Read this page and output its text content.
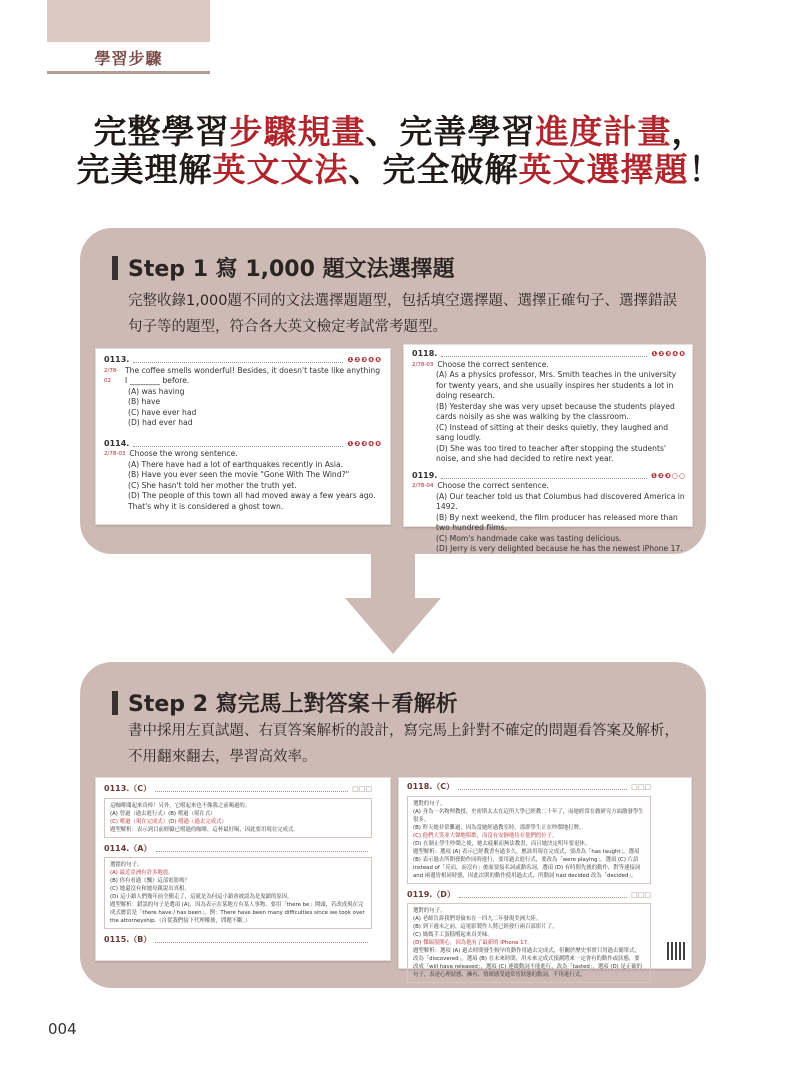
學習步驟
完整學習步驟規畫、完善學習進度計畫，
完美理解英文文法、完全破解英文選擇題！
Step 1 寫 1,000 題文法選擇題
完整收錄1,000題不同的文法選擇題題型，包括填空選擇題、選擇正確句子、選擇錯誤句子等的題型，符合各大英文檢定考試常考題型。
0113.	❶❷❸❹❺
2/78-02
The coffee smells wonderful! Besides, it doesn't taste like anything I ________ before.
(A) was having
(B) have
(C) have ever had
(D) had ever had
0114.	❶❷❸❹❺
2/78-03 Choose the wrong sentence.
(A) There have had a lot of earthquakes recently in Asia.
(B) Have you ever seen the movie "Gone With The Wind?"
(C) She hasn't told her mother the truth yet.
(D) The people of this town all had moved away a few years ago. That's why it is considered a ghost town.
0118.	❶❷❸❹❺
2/78-03 Choose the correct sentence.
(A) As a physics professor, Mrs. Smith teaches in the university for twenty years, and she usually inspires her students a lot in doing research.
(B) Yesterday she was very upset because the students played cards noisily as she was walking by the classroom.
(C) Instead of sitting at their desks quietly, they laughed and sang loudly.
(D) She was too tired to teacher after stopping the students' noise, and she had decided to retire next year.
0119.	❶❷❸○○
2/78-04 Choose the correct sentence.
(A) Our teacher told us that Columbus had discovered America in 1492.
(B) By next weekend, the film producer has released more than two hundred films.
(C) Mom's handmade cake was tasting delicious.
(D) Jerry is very delighted because he has the newest iPhone 17.
Step 2 寫完馬上對答案＋看解析
書中採用左頁試題、右頁答案解析的設計，寫完馬上針對不確定的問題看答案及解析，不用翻來翻去，學習高效率。
0113.（C）	□□□
這咖啡聞起來真棒！另外，它嚐起來也不像我之前喝過的。
(A) 曾過（過去進行式）(B) 嚐過（現在式）
(C) 嚐過（現在完成式）(D) 嚐過（過去完成式）
題型解析：表示到目前經驗已嚐過的咖啡，這杯最好喝，因此要用現在完成式。
0114.（A）
選錯的句子。
(A) 最近亞洲有許多地震。
(B) 你有看過《飄》這部電影嗎？
(C) 她還沒有和她母親說出真相。
(D) 這小鎮人們幾年前全搬走了，這就是為何這小鎮會被認為是鬼鎮的原因。
題型解析：錯誤的句子是選項 (A)，因為表示在某地方有某人事物，要用「there be」開頭，若改成現在完成式應當是「there have / has been」，例：There have been many difficulties since we took over the attorneyship.（自從我們接下代理權後，問題不斷。）
0115.（B）
0118.（C）	□□□
選對的句子。
(A) 身為一名物理教授，史密斯太太在這所大學已經教二十年了，而她經常在做研究方面激發學生很多。
(B) 昨天她非常難過，因為當她經過教室時，那群學生正在吵鬧地打牌。
(C) 他們大笑並大聲地唱歌，而沒有安靜地待在他們的位子。
(D) 在制止學生吵鬧之後，她太疲累而無法教書，而且她決定明年要退休。
題型解析：選項 (A) 表示已經教書有過多久，應該用現在完成式，要改為「has taught」，選項 (B) 表示過去所開發動作同時進行，要用過去進行式，要改為「were playing」，選項 (C) 片語 instead of「反而，而沒有」後面要接名詞或動名詞，選項 (D) 有時間先後的動作，對等連接詞 and 兩邊皆相同時態，因此次則的動作使用過去式，所動詞 had decided 改為「decided」。
0119.（D）	□□□
選對的句子。
(A) 老師告訴我們哥倫布在一四九二年發現美洲大陸。
(B) 到下週末之前，這電影製作人將已經發行兩百部影片了。
(C) 媽媽手工蛋糕嚐起來真美味。
(D) 傑瑞很開心，因為他有了最新的 iPhone 17。
題型解析：選項 (A) 過去時間發生較早的動作用過去完成式，但關於歷史事實只用過去簡單式，改為「discovered」，選項 (B) 在未來時間，用未來完成式預測將來一定會有的動作或狀態，要改成「will have released」，選項 (C) 連綴動詞不能進行，改為「tasted」，選項 (D) 是正確的句子，表達心理狀態、擁有、情緒感受通常皆狀態的動詞，不用進行式。
004
